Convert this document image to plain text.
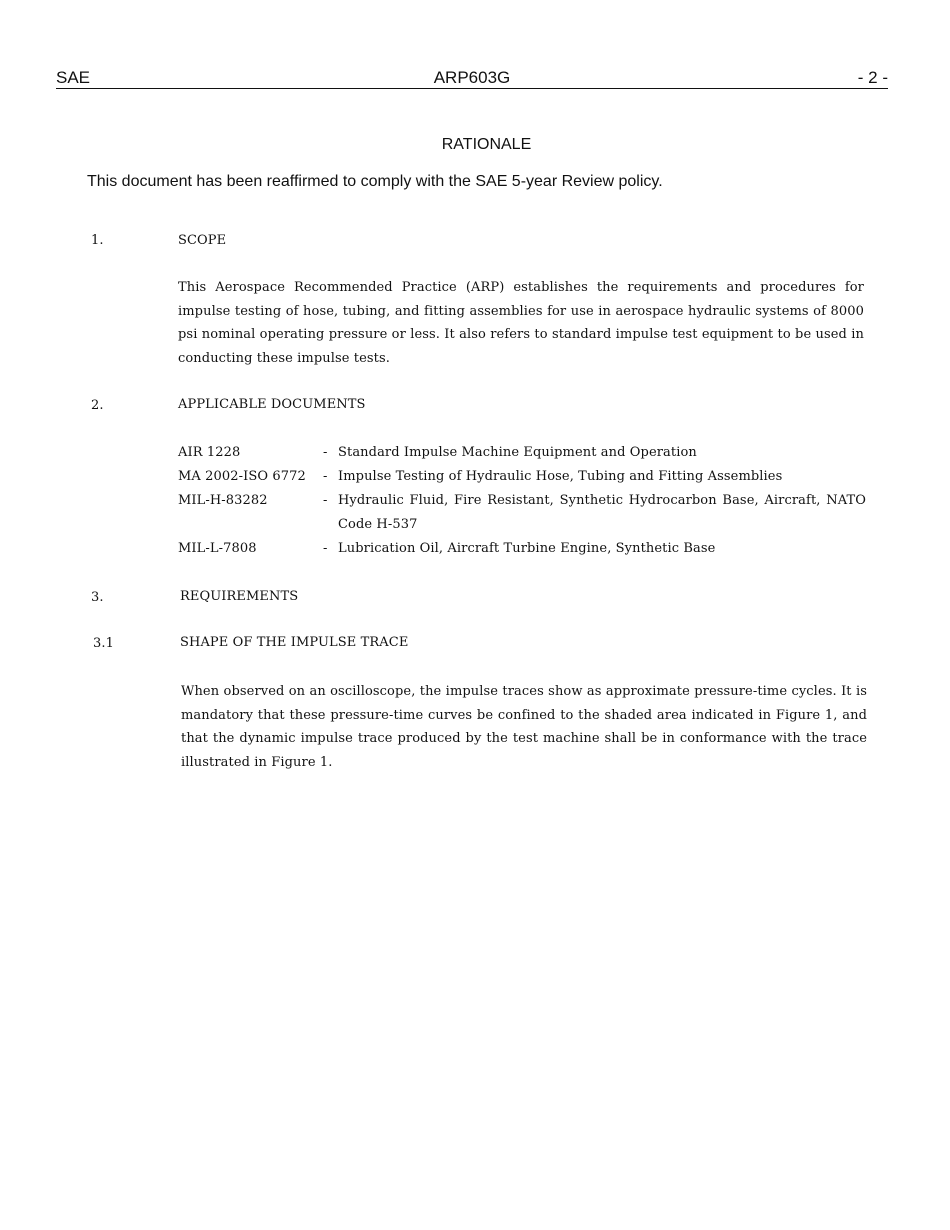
SAE	ARP603G	- 2 -
RATIONALE
This document has been reaffirmed to comply with the SAE 5-year Review policy.
1.	SCOPE
This Aerospace Recommended Practice (ARP) establishes the requirements and procedures for impulse testing of hose, tubing, and fitting assemblies for use in aerospace hydraulic systems of 8000 psi nominal operating pressure or less. It also refers to standard impulse test equipment to be used in conducting these impulse tests.
2.	APPLICABLE DOCUMENTS
AIR 1228	- Standard Impulse Machine Equipment and Operation
MA 2002-ISO 6772 - Impulse Testing of Hydraulic Hose, Tubing and Fitting Assemblies
MIL-H-83282	- Hydraulic Fluid, Fire Resistant, Synthetic Hydrocarbon Base, Aircraft, NATO Code H-537
MIL-L-7808	- Lubrication Oil, Aircraft Turbine Engine, Synthetic Base
3.	REQUIREMENTS
3.1	SHAPE OF THE IMPULSE TRACE
When observed on an oscilloscope, the impulse traces show as approximate pressure-time cycles. It is mandatory that these pressure-time curves be confined to the shaded area indicated in Figure 1, and that the dynamic impulse trace produced by the test machine shall be in conformance with the trace illustrated in Figure 1.
